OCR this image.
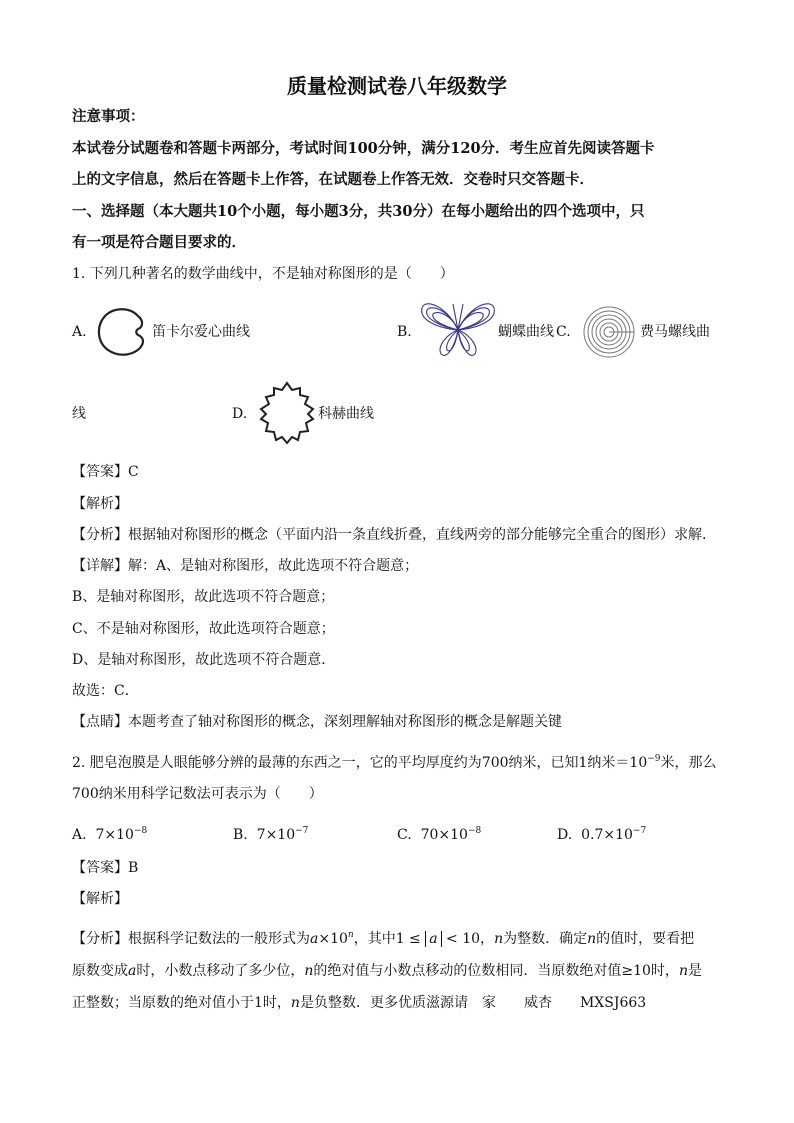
质量检测试卷八年级数学
注意事项：
本试卷分试题卷和答题卡两部分，考试时间100分钟，满分120分．考生应首先阅读答题卡
上的文字信息，然后在答题卡上作答，在试题卷上作答无效．交卷时只交答题卡．
一、选择题（本大题共10个小题，每小题3分，共30分）在每小题给出的四个选项中，只
有一项是符合题目要求的．
1. 下列几种著名的数学曲线中，不是轴对称图形的是（　　）
A.	笛卡尔爱心曲线	B.	蝴蝶曲线 C.	费马螺线曲
线	D.	科赫曲线
【答案】C
【解析】
【分析】根据轴对称图形的概念（平面内沿一条直线折叠，直线两旁的部分能够完全重合的图形）求解．
【详解】解：A、是轴对称图形，故此选项不符合题意；
B、是轴对称图形，故此选项不符合题意；
C、不是轴对称图形，故此选项符合题意；
D、是轴对称图形，故此选项不符合题意．
故选：C．
【点睛】本题考查了轴对称图形的概念，深刻理解轴对称图形的概念是解题关键
2. 肥皂泡膜是人眼能够分辨的最薄的东西之一，它的平均厚度约为700纳米，已知1纳米$=10^{-9}$米，那么
700纳米用科学记数法可表示为（　　）
A. $7\times 10^{-8}$	B. $7\times 10^{-7}$	C. $70\times 10^{-8}$	D. $0.7\times 10^{-7}$
【答案】B
【解析】
【分析】根据科学记数法的一般形式为$a\times 10^n$，其中1 ≤ a < 10，n为整数．确定n的值时，要看把
原数变成a时，小数点移动了多少位，n的绝对值与小数点移动的位数相同．当原数绝对值≥10时，n是
正整数；当原数的绝对值小于1时，n是负整数．更多优质滋源请　家　　威杏　　MXSJ663
